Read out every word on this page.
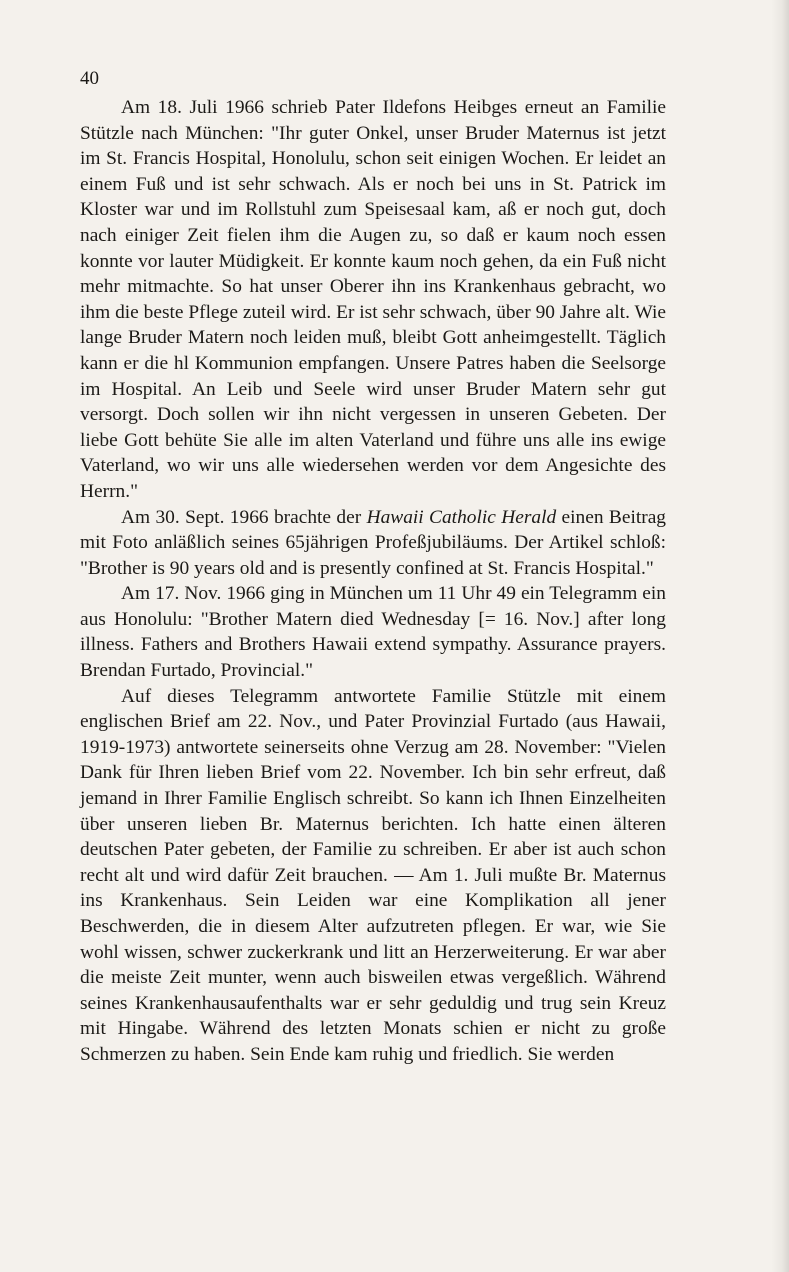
40

Am 18. Juli 1966 schrieb Pater Ildefons Heibges erneut an Familie Stützle nach München: "Ihr guter Onkel, unser Bruder Maternus ist jetzt im St. Francis Hospital, Honolulu, schon seit einigen Wochen. Er leidet an einem Fuß und ist sehr schwach. Als er noch bei uns in St. Patrick im Kloster war und im Rollstuhl zum Speisesaal kam, aß er noch gut, doch nach einiger Zeit fielen ihm die Augen zu, so daß er kaum noch essen konnte vor lauter Müdigkeit. Er konnte kaum noch gehen, da ein Fuß nicht mehr mitmachte. So hat unser Oberer ihn ins Krankenhaus gebracht, wo ihm die beste Pflege zuteil wird. Er ist sehr schwach, über 90 Jahre alt. Wie lange Bruder Matern noch leiden muß, bleibt Gott anheimgestellt. Täglich kann er die hl Kommunion empfangen. Unsere Patres haben die Seelsorge im Hospital. An Leib und Seele wird unser Bruder Matern sehr gut versorgt. Doch sollen wir ihn nicht vergessen in unseren Gebeten. Der liebe Gott behüte Sie alle im alten Vaterland und führe uns alle ins ewige Vaterland, wo wir uns alle wiedersehen werden vor dem Angesichte des Herrn."

Am 30. Sept. 1966 brachte der Hawaii Catholic Herald einen Beitrag mit Foto anläßlich seines 65jährigen Profeßjubiläums. Der Artikel schloß: "Brother is 90 years old and is presently confined at St. Francis Hospital."

Am 17. Nov. 1966 ging in München um 11 Uhr 49 ein Telegramm ein aus Honolulu: "Brother Matern died Wednesday [= 16. Nov.] after long illness. Fathers and Brothers Hawaii extend sympathy. Assurance prayers. Brendan Furtado, Provincial."

Auf dieses Telegramm antwortete Familie Stützle mit einem englischen Brief am 22. Nov., und Pater Provinzial Furtado (aus Hawaii, 1919-1973) antwortete seinerseits ohne Verzug am 28. November: "Vielen Dank für Ihren lieben Brief vom 22. November. Ich bin sehr erfreut, daß jemand in Ihrer Familie Englisch schreibt. So kann ich Ihnen Einzelheiten über unseren lieben Br. Maternus berichten. Ich hatte einen älteren deutschen Pater gebeten, der Familie zu schreiben. Er aber ist auch schon recht alt und wird dafür Zeit brauchen. — Am 1. Juli mußte Br. Maternus ins Krankenhaus. Sein Leiden war eine Komplikation all jener Beschwerden, die in diesem Alter aufzutreten pflegen. Er war, wie Sie wohl wissen, schwer zuckerkrank und litt an Herzerweiterung. Er war aber die meiste Zeit munter, wenn auch bisweilen etwas vergeßlich. Während seines Krankenhausaufenthalts war er sehr geduldig und trug sein Kreuz mit Hingabe. Während des letzten Monats schien er nicht zu große Schmerzen zu haben. Sein Ende kam ruhig und friedlich. Sie werden
